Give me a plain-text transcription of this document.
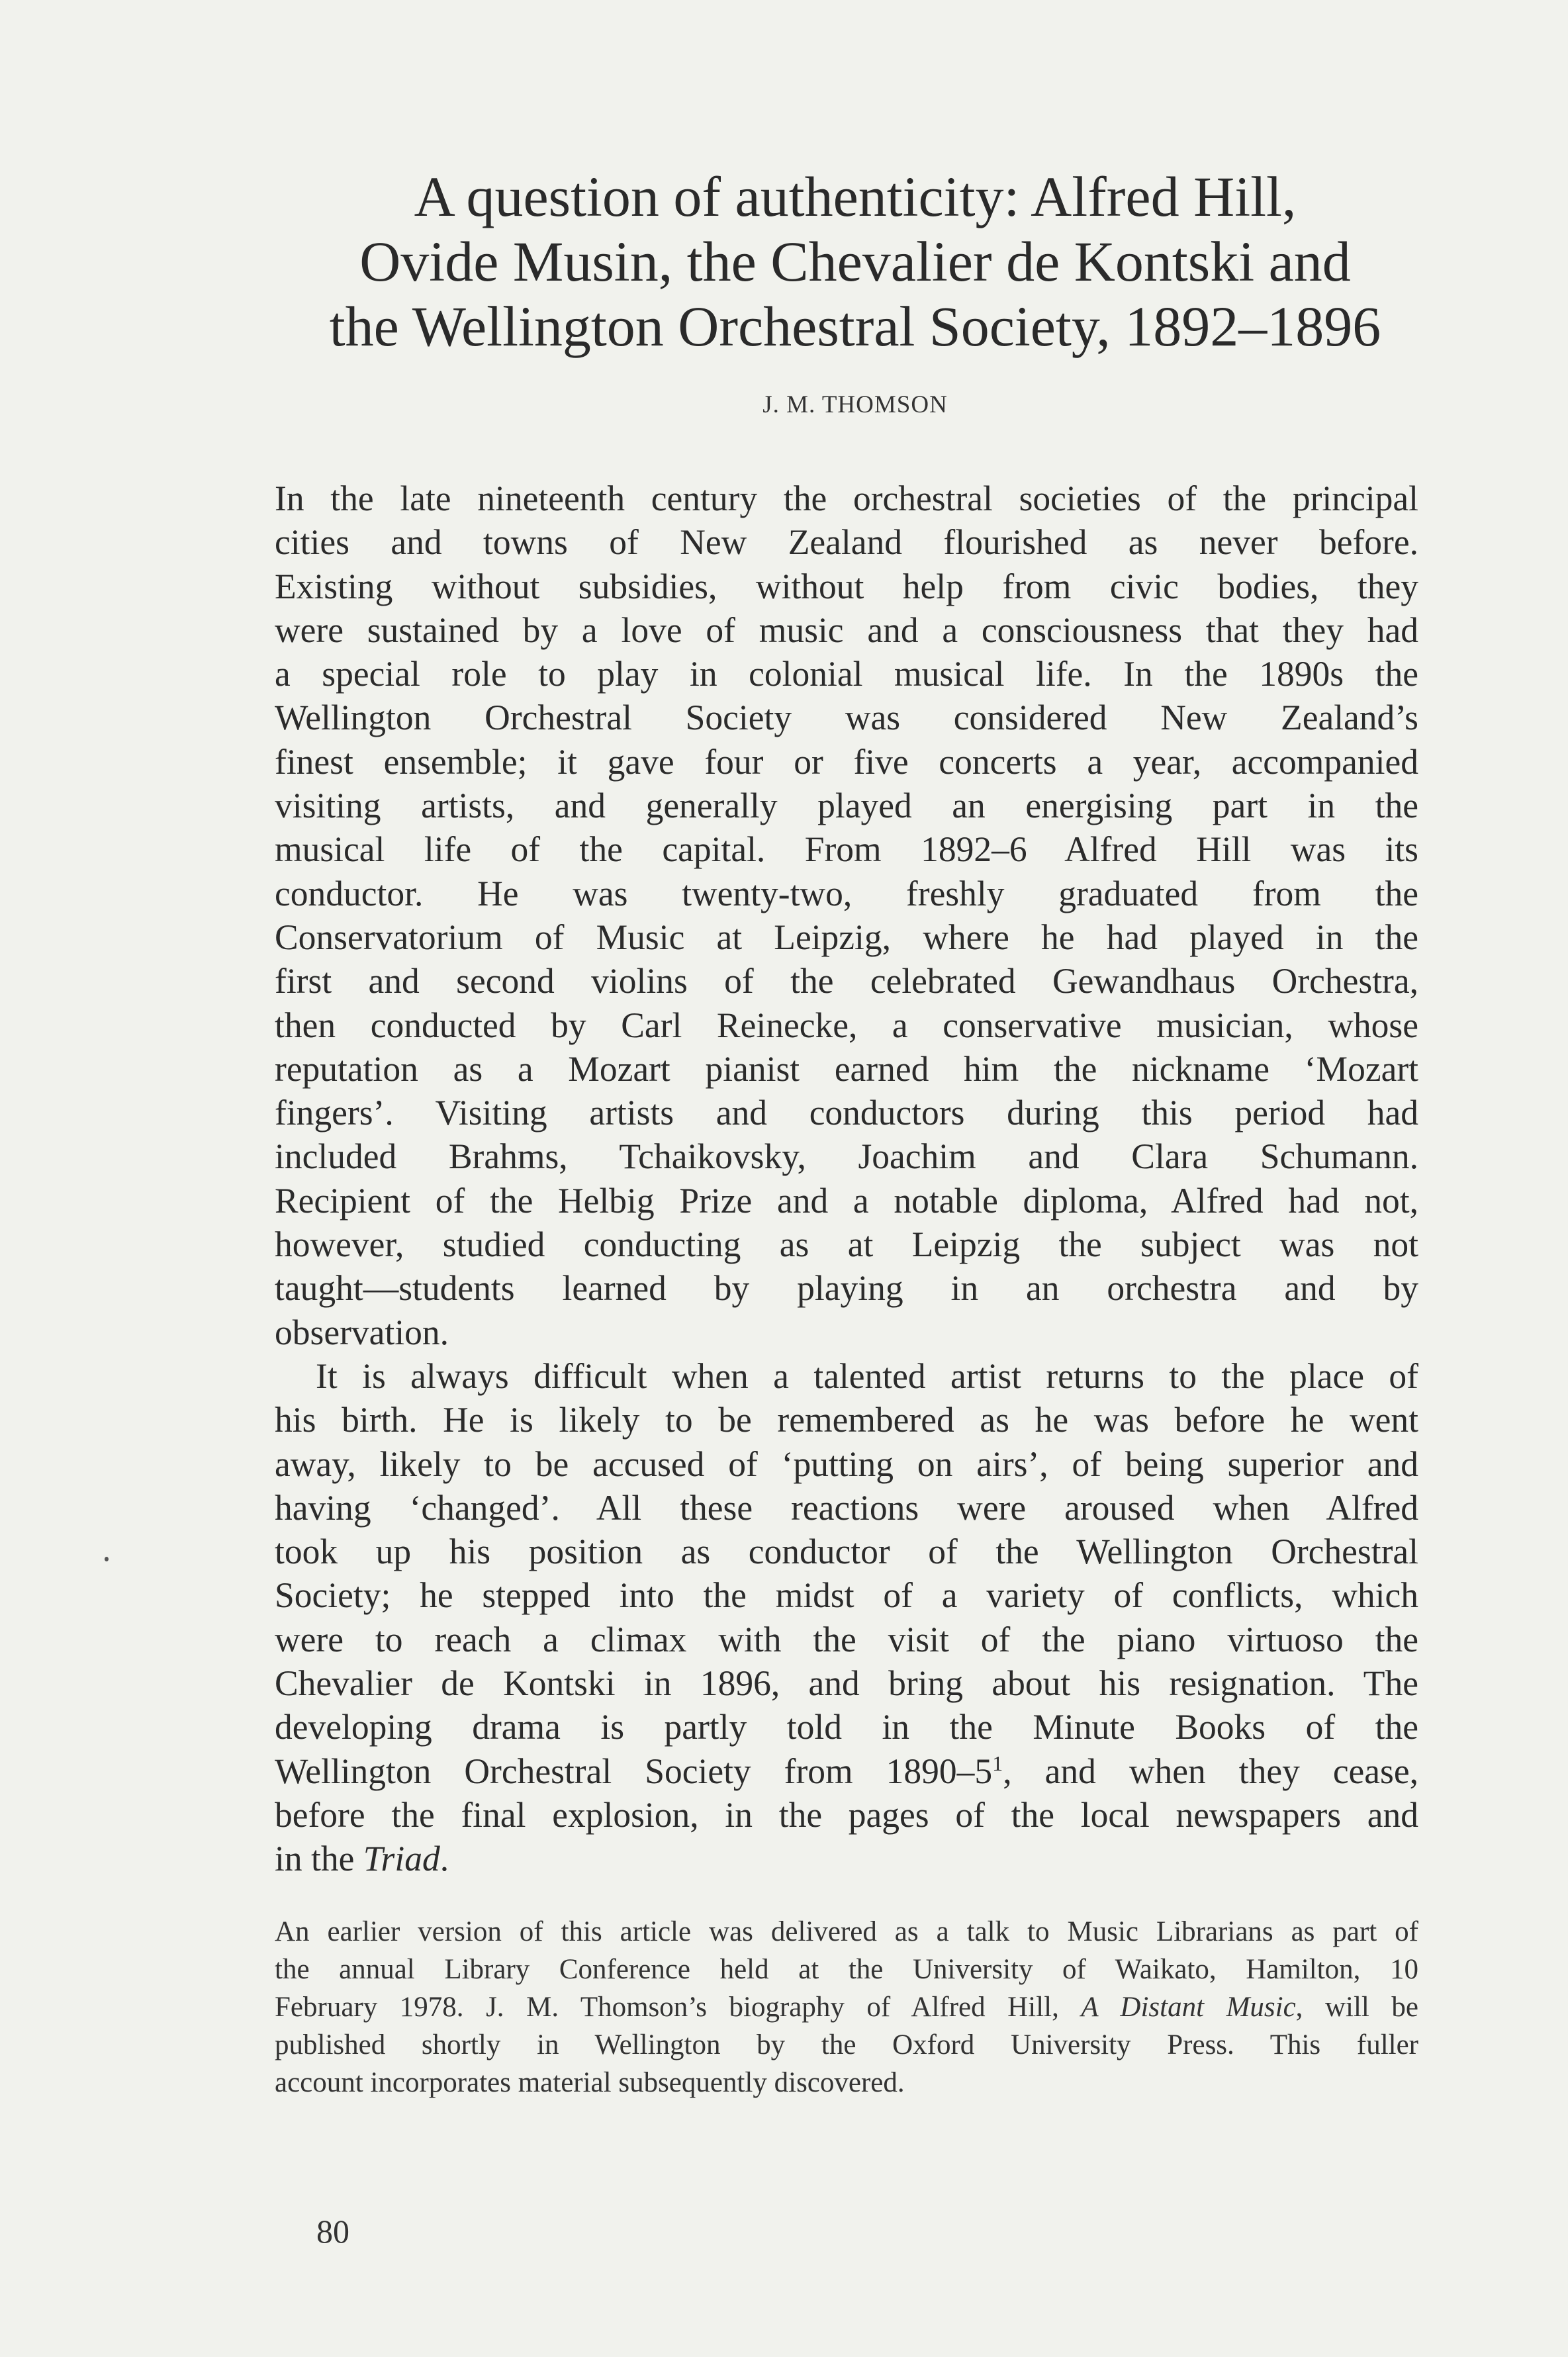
A question of authenticity: Alfred Hill,
Ovide Musin, the Chevalier de Kontski and
the Wellington Orchestral Society, 1892–1896

J. M. THOMSON

In the late nineteenth century the orchestral societies of the principal
cities and towns of New Zealand flourished as never before.
Existing without subsidies, without help from civic bodies, they
were sustained by a love of music and a consciousness that they had
a special role to play in colonial musical life. In the 1890s the
Wellington Orchestral Society was considered New Zealand’s
finest ensemble; it gave four or five concerts a year, accompanied
visiting artists, and generally played an energising part in the
musical life of the capital. From 1892–6 Alfred Hill was its
conductor. He was twenty-two, freshly graduated from the
Conservatorium of Music at Leipzig, where he had played in the
first and second violins of the celebrated Gewandhaus Orchestra,
then conducted by Carl Reinecke, a conservative musician, whose
reputation as a Mozart pianist earned him the nickname ‘Mozart
fingers’. Visiting artists and conductors during this period had
included Brahms, Tchaikovsky, Joachim and Clara Schumann.
Recipient of the Helbig Prize and a notable diploma, Alfred had not,
however, studied conducting as at Leipzig the subject was not
taught—students learned by playing in an orchestra and by
observation.

It is always difficult when a talented artist returns to the place of
his birth. He is likely to be remembered as he was before he went
away, likely to be accused of ‘putting on airs’, of being superior and
having ‘changed’. All these reactions were aroused when Alfred
took up his position as conductor of the Wellington Orchestral
Society; he stepped into the midst of a variety of conflicts, which
were to reach a climax with the visit of the piano virtuoso the
Chevalier de Kontski in 1896, and bring about his resignation. The
developing drama is partly told in the Minute Books of the
Wellington Orchestral Society from $1890-5^1$, and when they cease,
before the final explosion, in the pages of the local newspapers and
in the Triad.

An earlier version of this article was delivered as a talk to Music Librarians as part of
the annual Library Conference held at the University of Waikato, Hamilton, 10
February 1978. J. M. Thomson’s biography of Alfred Hill, A Distant Music, will be
published shortly in Wellington by the Oxford University Press. This fuller
account incorporates material subsequently discovered.

80
